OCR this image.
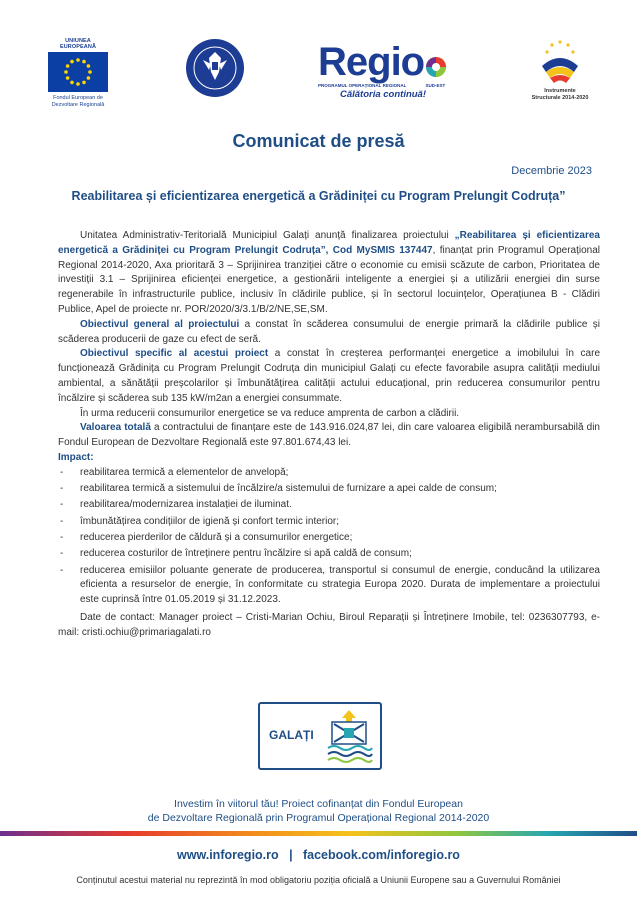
UNIUNEA EUROPEANĂ
Fondul European de Dezvoltare Regională
Regio
PROGRAMUL OPERAȚIONAL REGIONAL	SUD-EST
Călătoria continuă!	Instrumente Structurale 2014-2020
Comunicat de presă
Decembrie 2023
Reabilitarea și eficientizarea energetică a Grădiniței cu Program Prelungit Codruța”

Unitatea Administrativ-Teritorială Municipiul Galați anunță finalizarea proiectului „Reabilitarea și eficientizarea energetică a Grădiniței cu Program Prelungit Codruța”, Cod MySMIS 137447, finanțat prin Programul Operațional Regional 2014-2020, Axa prioritară 3 – Sprijinirea tranziției către o economie cu emisii scăzute de carbon, Prioritatea de investiții 3.1 – Sprijinirea eficienței energetice, a gestionării inteligente a energiei și a utilizării energiei din surse regenerabile în infrastructurile publice, inclusiv în clădirile publice, și în sectorul locuințelor, Operațiunea B - Clădiri Publice, Apel de proiecte nr. POR/2020/3/3.1/B/2/NE,SE,SM.

Obiectivul general al proiectului a constat în scăderea consumului de energie primară la clădirile publice și scăderea producerii de gaze cu efect de seră.

Obiectivul specific al acestui proiect a constat în creșterea performanței energetice a imobilului în care funcționează Grădinița cu Program Prelungit Codruța din municipiul Galați cu efecte favorabile asupra calității mediului ambiental, a sănătății preșcolarilor și îmbunătățirea calității actului educațional, prin reducerea consumurilor pentru încălzire și scăderea sub 135 kW/m2an a energiei consummate.

În urma reducerii consumurilor energetice se va reduce amprenta de carbon a clădirii.

Valoarea totală a contractului de finanțare este de 143.916.024,87 lei, din care valoarea eligibilă nerambursabilă din Fondul European de Dezvoltare Regională este 97.801.674,43 lei.

Impact:

- reabilitarea termică a elementelor de anvelopă;
- reabilitarea termică a sistemului de încălzire/a sistemului de furnizare a apei calde de consum;
- reabilitarea/modernizarea instalației de iluminat.
- îmbunătățirea condițiilor de igienă și confort termic interior;
- reducerea pierderilor de căldură și a consumurilor energetice;
- reducerea costurilor de întreținere pentru încălzire si apă caldă de consum;
- reducerea emisiilor poluante generate de producerea, transportul si consumul de energie, conducând la utilizarea eficienta a resurselor de energie, în conformitate cu strategia Europa 2020. Durata de implementare a proiectului este cuprinsă între 01.05.2019 și 31.12.2023.

Date de contact: Manager proiect – Cristi-Marian Ochiu, Biroul Reparații și Întreținere Imobile, tel: 0236307793, e-mail: cristi.ochiu@primariagalati.ro

GALAȚI
Investim în viitorul tău! Proiect cofinanțat din Fondul European
de Dezvoltare Regională prin Programul Operațional Regional 2014-2020
www.inforegio.ro   |   facebook.com/inforegio.ro
Conținutul acestui material nu reprezintă în mod obligatoriu poziția oficială a Uniunii Europene sau a Guvernului României
